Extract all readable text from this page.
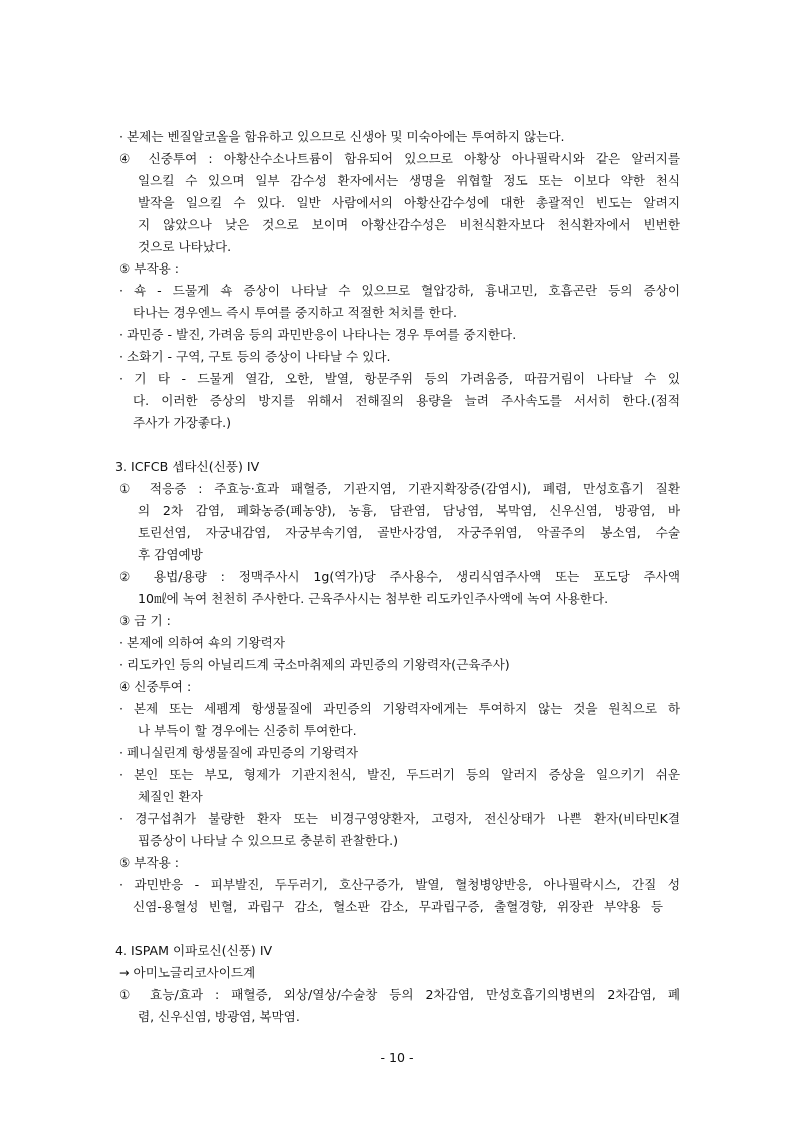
· 본제는 벤질알코올을 함유하고 있으므로 신생아 및 미숙아에는 투여하지 않는다.
④ 신중투여 : 아황산수소나트륨이 함유되어 있으므로 아황상 아나필락시와 같은 알러지를
일으킬 수 있으며 일부 감수성 환자에서는 생명을 위협할 정도 또는 이보다 약한 천식
발작을 일으킬 수 있다. 일반 사람에서의 아황산감수성에 대한 총괄적인 빈도는 알려지
지 않았으나 낮은 것으로 보이며 아황산감수성은 비천식환자보다 천식환자에서 빈번한
것으로 나타났다.
⑤ 부작용 :
· 쇽 - 드물게 쇽 증상이 나타날 수 있으므로 혈압강하, 흉내고민, 호흡곤란 등의 증상이
타나는 경우엔느 즉시 투여를 중지하고 적절한 처치를 한다.
· 과민증 - 발진, 가려움 등의 과민반응이 나타나는 경우 투여를 중지한다.
· 소화기 - 구역, 구토 등의 증상이 나타날 수 있다.
· 기 타 - 드물게 열감, 오한, 발열, 항문주위 등의 가려움증, 따끔거림이 나타날 수 있
다. 이러한 증상의 방지를 위해서 전해질의 용량을 늘려 주사속도를 서서히 한다.(점적
주사가 가장좋다.)
3. ICFCB 셉타신(신풍) IV
① 적응증 : 주효능·효과 패혈증, 기관지염, 기관지확장증(감염시), 폐렴, 만성호흡기 질환
의 2차 감염, 폐화농증(폐농양), 농흉, 담관염, 담낭염, 복막염, 신우신염, 방광염, 바
토린선염, 자궁내감염, 자궁부속기염, 골반사강염, 자궁주위염, 악골주의 봉소염, 수술
후 감염예방
② 용법/용량 : 정맥주사시 1g(역가)당 주사용수, 생리식염주사액 또는 포도당 주사액
10㎖에 녹여 천천히 주사한다. 근육주사시는 첨부한 리도카인주사액에 녹여 사용한다.
③ 금 기 :
· 본제에 의하여 쇽의 기왕력자
· 리도카인 등의 아닐리드계 국소마취제의 과민증의 기왕력자(근육주사)
④ 신중투여 :
· 본제 또는 세펨계 항생물질에 과민증의 기왕력자에게는 투여하지 않는 것을 원칙으로 하
나 부득이 할 경우에는 신중히 투여한다.
· 페니실린계 항생물질에 과민증의 기왕력자
· 본인 또는 부모, 형제가 기관지천식, 발진, 두드러기 등의 알러지 증상을 일으키기 쉬운
체질인 환자
· 경구섭취가 불량한 환자 또는 비경구영양환자, 고령자, 전신상태가 나쁜 환자(비타민K결
핍증상이 나타날 수 있으므로 충분히 관찰한다.)
⑤ 부작용 :
· 과민반응 - 피부발진, 두두러기, 호산구증가, 발열, 혈청병양반응, 아나필락시스, 간질 성
신염-용혈성 빈혈, 과립구 감소, 혈소판 감소, 무과립구증, 출혈경향, 위장관 부약용 등
4. ISPAM 이파로신(신풍) IV
→ 아미노글리코사이드계
① 효능/효과 : 패혈증, 외상/열상/수술창 등의 2차감염, 만성호흡기의병변의 2차감염, 폐
렴, 신우신염, 방광염, 복막염.
- 10 -
